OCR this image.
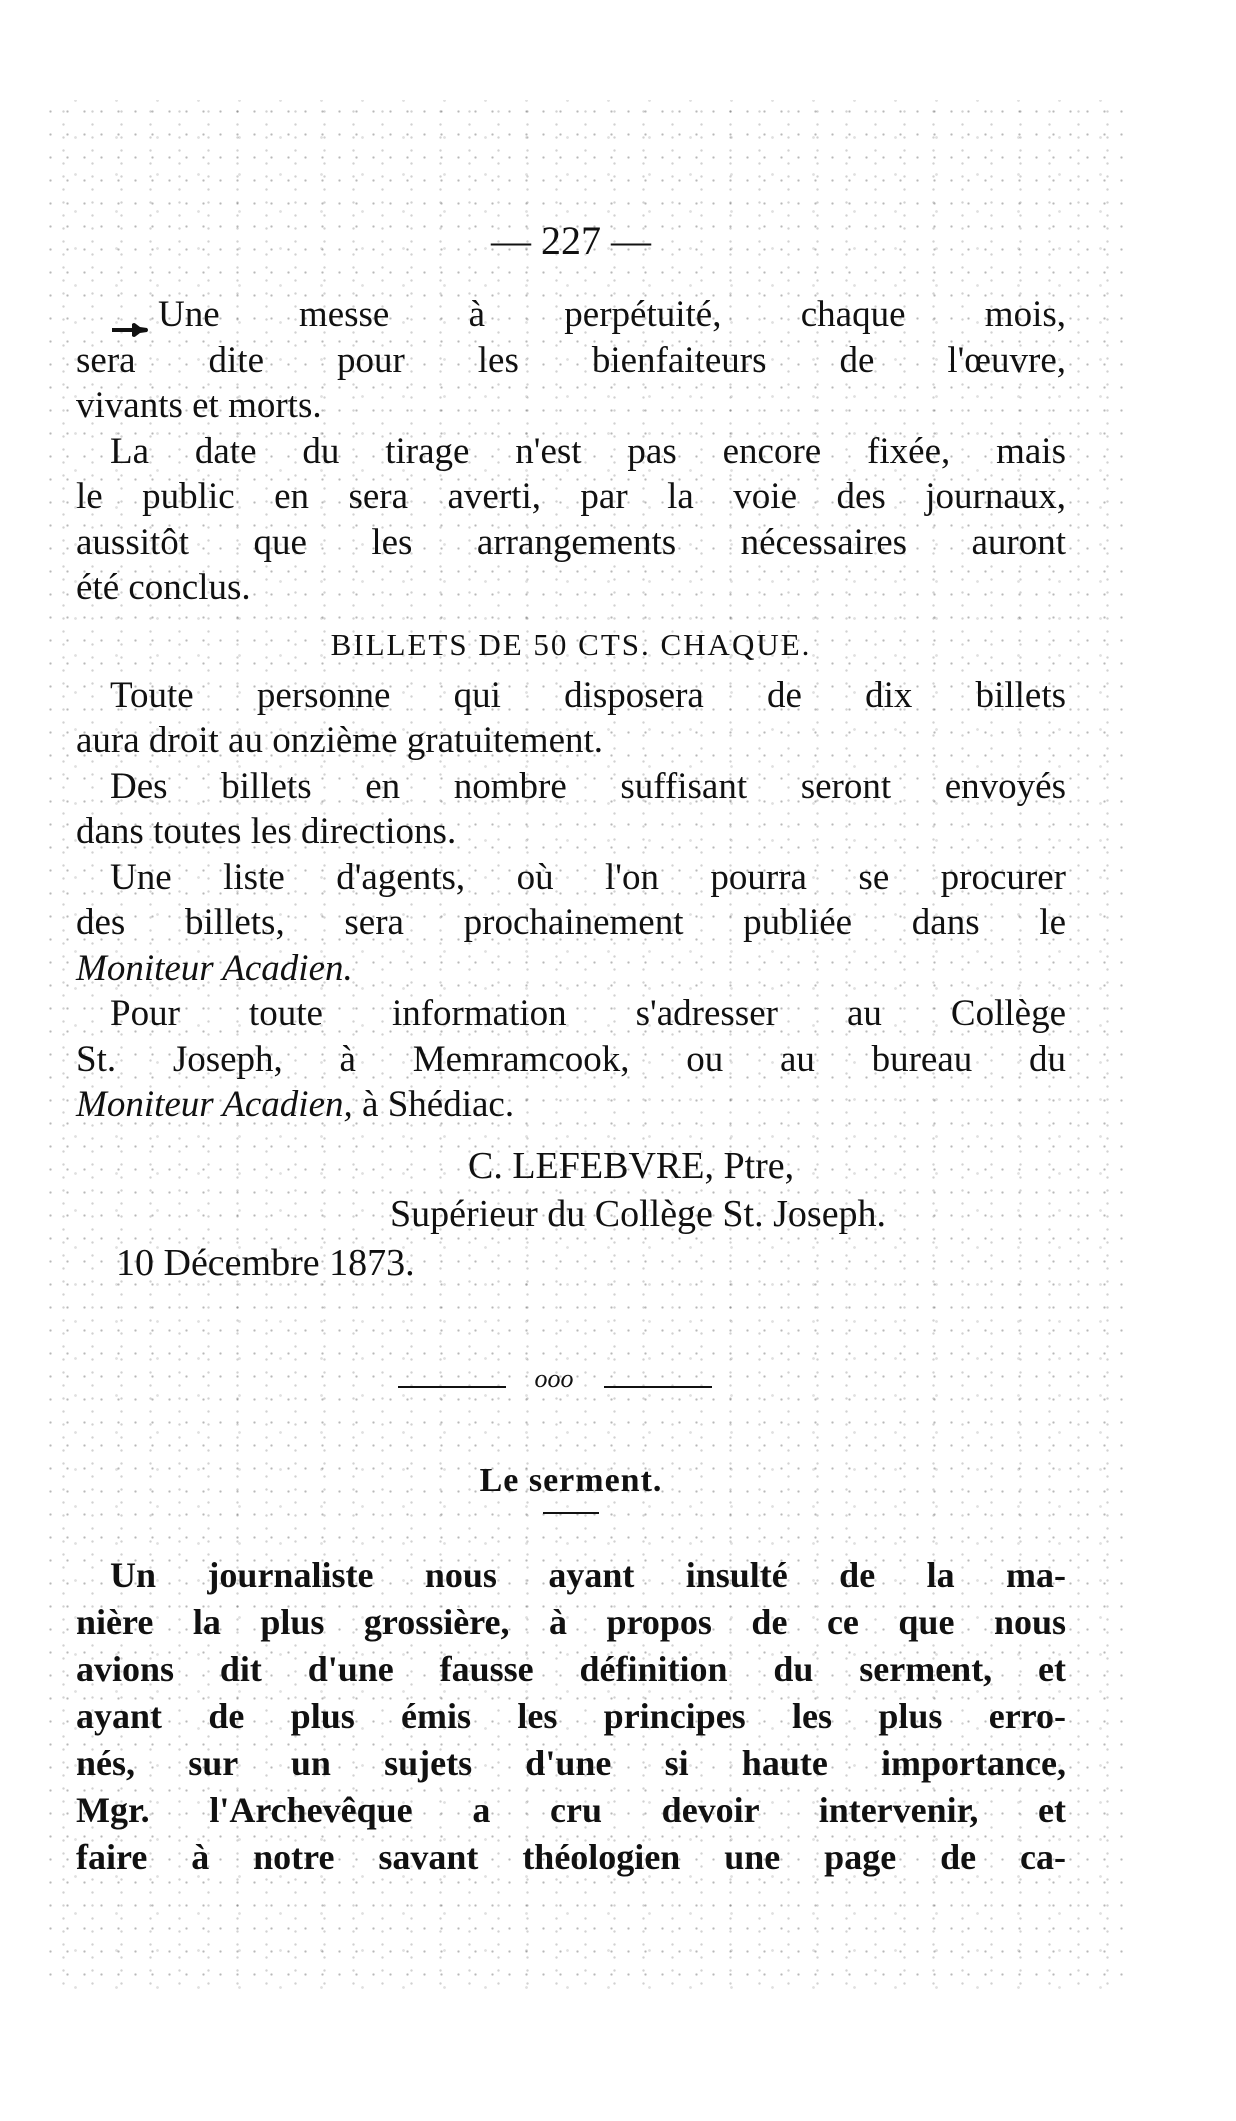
— 227 —
Une messe à perpétuité, chaque mois,
sera dite pour les bienfaiteurs de l'œuvre,
vivants et morts.
La date du tirage n'est pas encore fixée, mais
le public en sera averti, par la voie des journaux,
aussitôt que les arrangements nécessaires auront
été conclus.
BILLETS DE 50 CTS. CHAQUE.
Toute personne qui disposera de dix billets
aura droit au onzième gratuitement.
Des billets en nombre suffisant seront envoyés
dans toutes les directions.
Une liste d'agents, où l'on pourra se procurer
des billets, sera prochainement publiée dans le
Moniteur Acadien.
Pour toute information s'adresser au Collège
St. Joseph, à Memramcook, ou au bureau du
Moniteur Acadien, à Shédiac.
C. LEFEBVRE, Ptre,
Supérieur du Collège St. Joseph.
10 Décembre 1873.
ooo
Le serment.
Un journaliste nous ayant insulté de la ma-
nière la plus grossière, à propos de ce que nous
avions dit d'une fausse définition du serment, et
ayant de plus émis les principes les plus erro-
nés, sur un sujets d'une si haute importance,
Mgr. l'Archevêque a cru devoir intervenir, et
faire à notre savant théologien une page de ca-
